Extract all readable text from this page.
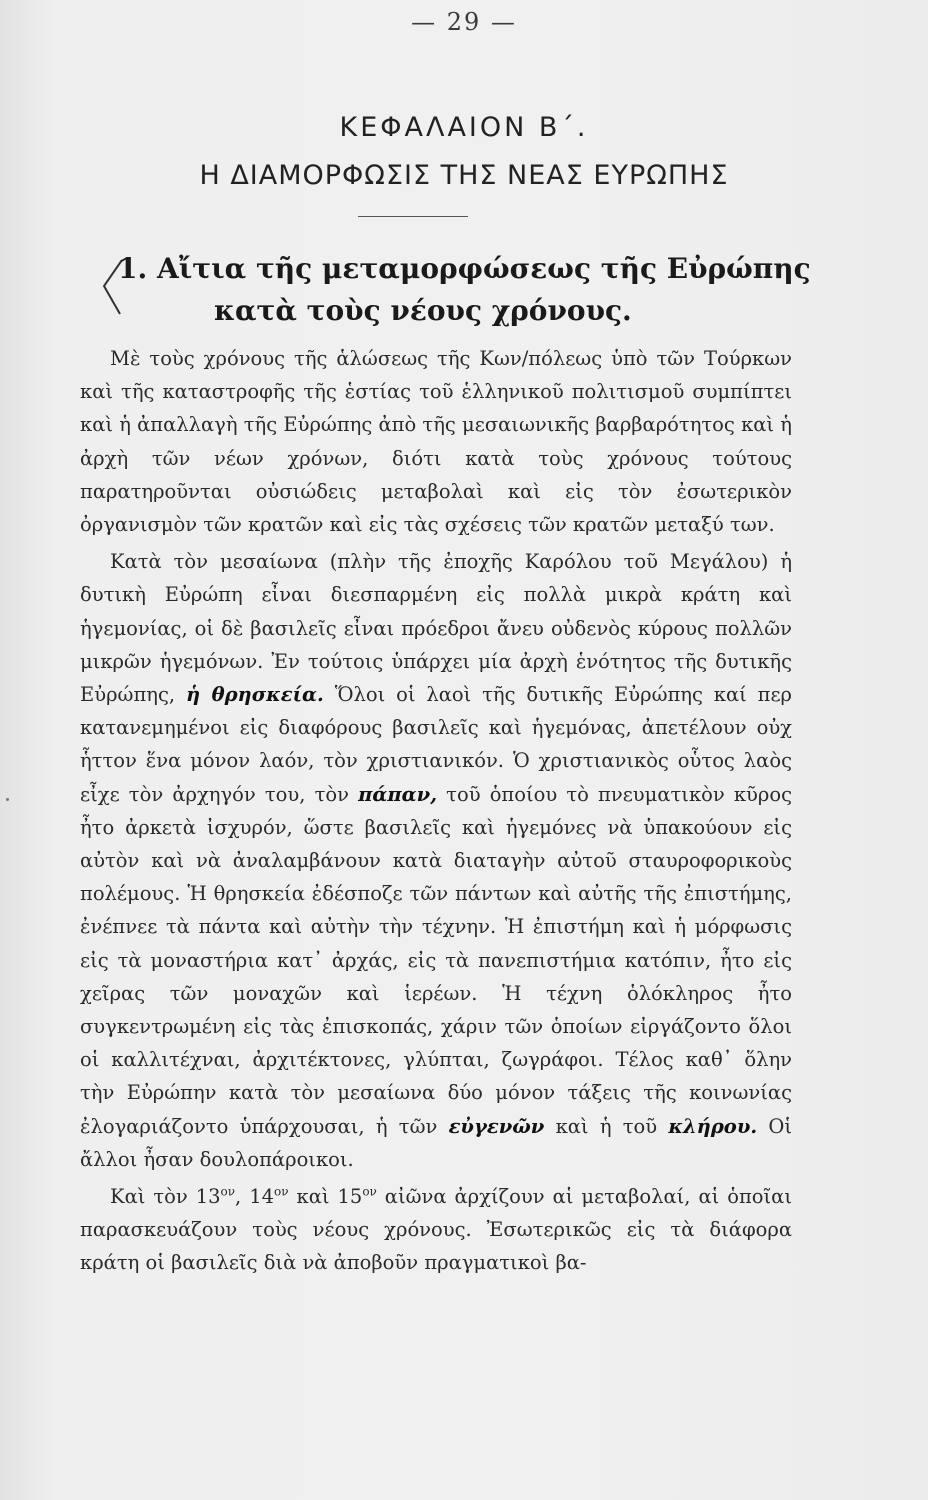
— 29 —
ΚΕΦΑΛΑΙΟΝ Β΄.
Η ΔΙΑΜΟΡΦΩΣΙΣ ΤΗΣ ΝΕΑΣ ΕΥΡΩΠΗΣ
1. Αἴτια τῆς μεταμορφώσεως τῆς Εὐρώπης
κατὰ τοὺς νέους χρόνους.

Μὲ τοὺς χρόνους τῆς ἁλώσεως τῆς Κων/πόλεως ὑπὸ τῶν Τούρκων καὶ τῆς καταστροφῆς τῆς ἑστίας τοῦ ἑλληνικοῦ πολιτισμοῦ συμπίπτει καὶ ἡ ἀπαλλαγὴ τῆς Εὐρώπης ἀπὸ τῆς μεσαιωνικῆς βαρβαρότητος καὶ ἡ ἀρχὴ τῶν νέων χρόνων, διότι κατὰ τοὺς χρόνους τούτους παρατηροῦνται οὐσιώδεις μεταβολαὶ καὶ εἰς τὸν ἐσωτερικὸν ὀργανισμὸν τῶν κρατῶν καὶ εἰς τὰς σχέσεις τῶν κρατῶν μεταξύ των.

Κατὰ τὸν μεσαίωνα (πλὴν τῆς ἐποχῆς Καρόλου τοῦ Μεγάλου) ἡ δυτικὴ Εὐρώπη εἶναι διεσπαρμένη εἰς πολλὰ μικρὰ κράτη καὶ ἡγεμονίας, οἱ δὲ βασιλεῖς εἶναι πρόεδροι ἄνευ οὐδενὸς κύρους πολλῶν μικρῶν ἡγεμόνων. Ἐν τούτοις ὑπάρχει μία ἀρχὴ ἑνότητος τῆς δυτικῆς Εὐρώπης, ἡ θρησκεία. Ὅλοι οἱ λαοὶ τῆς δυτικῆς Εὐρώπης καί περ κατανεμημένοι εἰς διαφόρους βασιλεῖς καὶ ἡγεμόνας, ἀπετέλουν οὐχ ἧττον ἕνα μόνον λαόν, τὸν χριστιανικόν. Ὁ χριστιανικὸς οὗτος λαὸς εἶχε τὸν ἀρχηγόν του, τὸν πάπαν, τοῦ ὁποίου τὸ πνευματικὸν κῦρος ἦτο ἀρκετὰ ἰσχυρόν, ὥστε βασιλεῖς καὶ ἡγεμόνες νὰ ὑπακούουν εἰς αὐτὸν καὶ νὰ ἀναλαμβάνουν κατὰ διαταγὴν αὐτοῦ σταυροφορικοὺς πολέμους. Ἡ θρησκεία ἐδέσποζε τῶν πάντων καὶ αὐτῆς τῆς ἐπιστήμης, ἐνέπνεε τὰ πάντα καὶ αὐτὴν τὴν τέχνην. Ἡ ἐπιστήμη καὶ ἡ μόρφωσις εἰς τὰ μοναστήρια κατ᾿ ἀρχάς, εἰς τὰ πανεπιστήμια κατόπιν, ἦτο εἰς χεῖρας τῶν μοναχῶν καὶ ἱερέων. Ἡ τέχνη ὁλόκληρος ἦτο συγκεντρωμένη εἰς τὰς ἐπισκοπάς, χάριν τῶν ὁποίων εἰργάζοντο ὅλοι οἱ καλλιτέχναι, ἀρχιτέκτονες, γλύπται, ζωγράφοι. Τέλος καθ᾿ ὅλην τὴν Εὐρώπην κατὰ τὸν μεσαίωνα δύο μόνον τάξεις τῆς κοινωνίας ἐλογαριάζοντο ὑπάρχουσαι, ἡ τῶν εὐγενῶν καὶ ἡ τοῦ κλήρου. Οἱ ἄλλοι ἦσαν δουλοπάροικοι.

Καὶ τὸν $13^{o\nu}$, $14^{o\nu}$ καὶ $15^{o\nu}$ αἰῶνα ἀρχίζουν αἱ μεταβολαί, αἱ ὁποῖαι παρασκευάζουν τοὺς νέους χρόνους. Ἐσωτερικῶς εἰς τὰ διάφορα κράτη οἱ βασιλεῖς διὰ νὰ ἀποβοῦν πραγματικοὶ βα-
